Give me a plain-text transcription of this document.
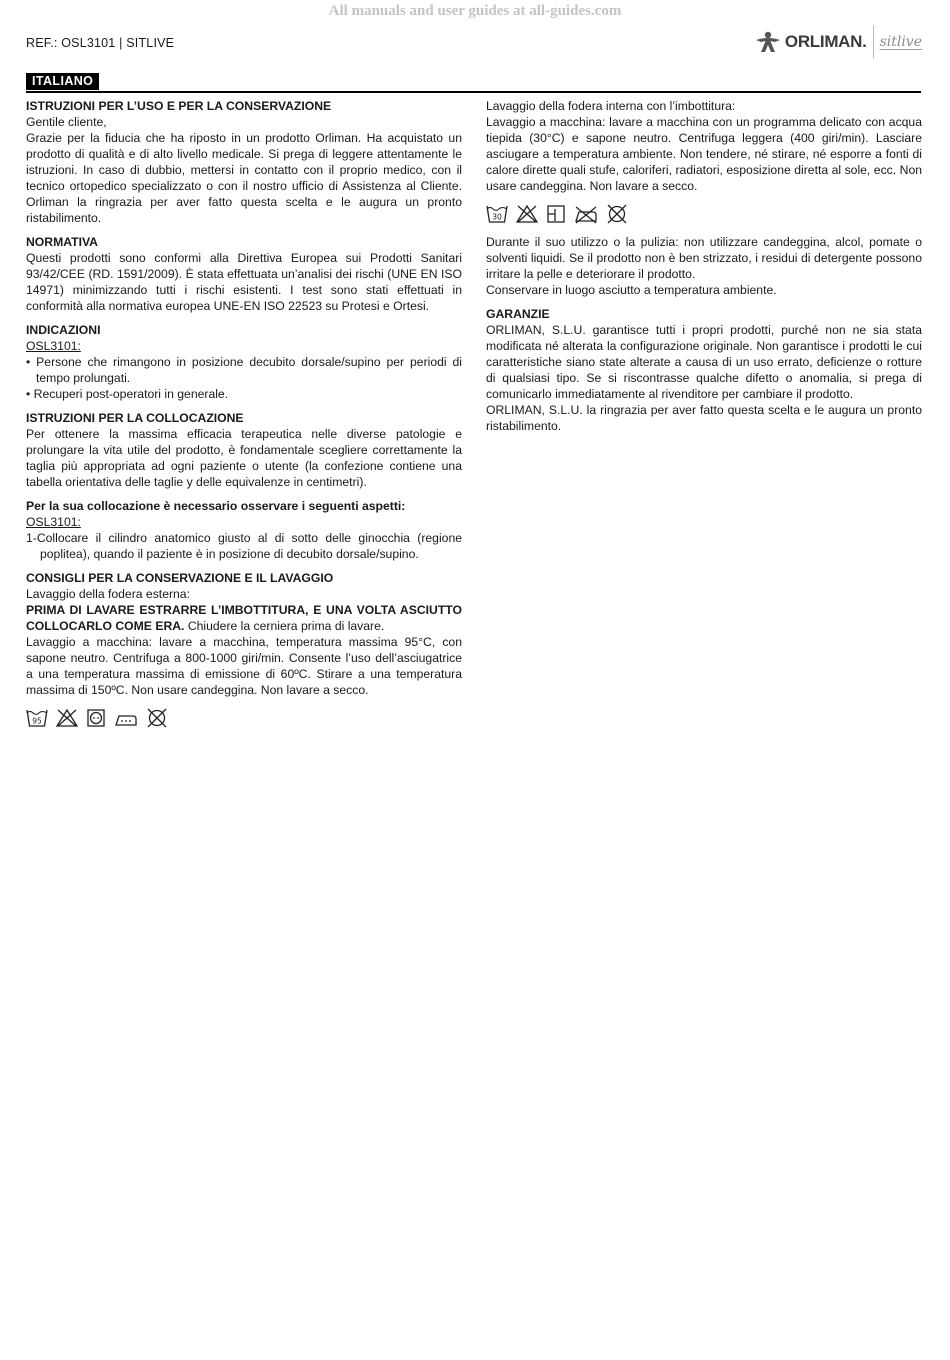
All manuals and user guides at all-guides.com
REF.: OSL3101 | SITLIVE	ORLIMAN. sitlive
ITALIANO

ISTRUZIONI PER L’USO E PER LA CONSERVAZIONE

Gentile cliente,

Grazie per la fiducia che ha riposto in un prodotto Orliman. Ha acquistato un prodotto di qualità e di alto livello medicale. Si prega di leggere attentamente le istruzioni. In caso di dubbio, mettersi in contatto con il proprio medico, con il tecnico ortopedico specializzato o con il nostro ufficio di Assistenza al Cliente. Orliman la ringrazia per aver fatto questa scelta e le augura un pronto ristabilimento.

NORMATIVA

Questi prodotti sono conformi alla Direttiva Europea sui Prodotti Sanitari 93/42/CEE (RD. 1591/2009). È stata effettuata un’analisi dei rischi (UNE EN ISO 14971) minimizzando tutti i rischi esistenti. I test sono stati effettuati in conformità alla normativa europea UNE-EN ISO 22523 su Protesi e Ortesi.

INDICAZIONI

OSL3101:

• Persone che rimangono in posizione decubito dorsale/supino per periodi di tempo prolungati.

• Recuperi post-operatori in generale.

ISTRUZIONI PER LA COLLOCAZIONE

Per ottenere la massima efficacia terapeutica nelle diverse patologie e prolungare la vita utile del prodotto, è fondamentale scegliere correttamente la taglia più appropriata ad ogni paziente o utente (la confezione contiene una tabella orientativa delle taglie y delle equivalenze in centimetri).

Per la sua collocazione è necessario osservare i seguenti aspetti:

OSL3101:

1-Collocare il cilindro anatomico giusto al di sotto delle ginocchia (regione poplitea), quando il paziente è in posizione di decubito dorsale/supino.

CONSIGLI PER LA CONSERVAZIONE E IL LAVAGGIO

Lavaggio della fodera esterna:

PRIMA DI LAVARE ESTRARRE L’IMBOTTITURA, E UNA VOLTA ASCIUTTO COLLOCARLO COME ERA. Chiudere la cerniera prima di lavare.

Lavaggio a macchina: lavare a macchina, temperatura massima 95°C, con sapone neutro. Centrifuga a 800-1000 giri/min. Consente l’uso dell’asciugatrice a una temperatura massima di emissione di 60ºC. Stirare a una temperatura massima di 150ºC. Non usare candeggina. Non lavare a secco.

95

Lavaggio della fodera interna con l’imbottitura:

Lavaggio a macchina: lavare a macchina con un programma delicato con acqua tiepida (30°C) e sapone neutro. Centrifuga leggera (400 giri/min). Lasciare asciugare a temperatura ambiente. Non tendere, né stirare, né esporre a fonti di calore dirette quali stufe, caloriferi, radiatori, esposizione diretta al sole, ecc. Non usare candeggina. Non lavare a secco.

30

Durante il suo utilizzo o la pulizia: non utilizzare candeggina, alcol, pomate o solventi liquidi. Se il prodotto non è ben strizzato, i residui di detergente possono irritare la pelle e deteriorare il prodotto.

Conservare in luogo asciutto a temperatura ambiente.

GARANZIE

ORLIMAN, S.L.U. garantisce tutti i propri prodotti, purché non ne sia stata modificata né alterata la configurazione originale. Non garantisce i prodotti le cui caratteristiche siano state alterate a causa di un uso errato, deficienze o rotture di qualsiasi tipo. Se si riscontrasse qualche difetto o anomalia, si prega di comunicarlo immediatamente al rivenditore per cambiare il prodotto.

ORLIMAN, S.L.U. la ringrazia per aver fatto questa scelta e le augura un pronto ristabilimento.
